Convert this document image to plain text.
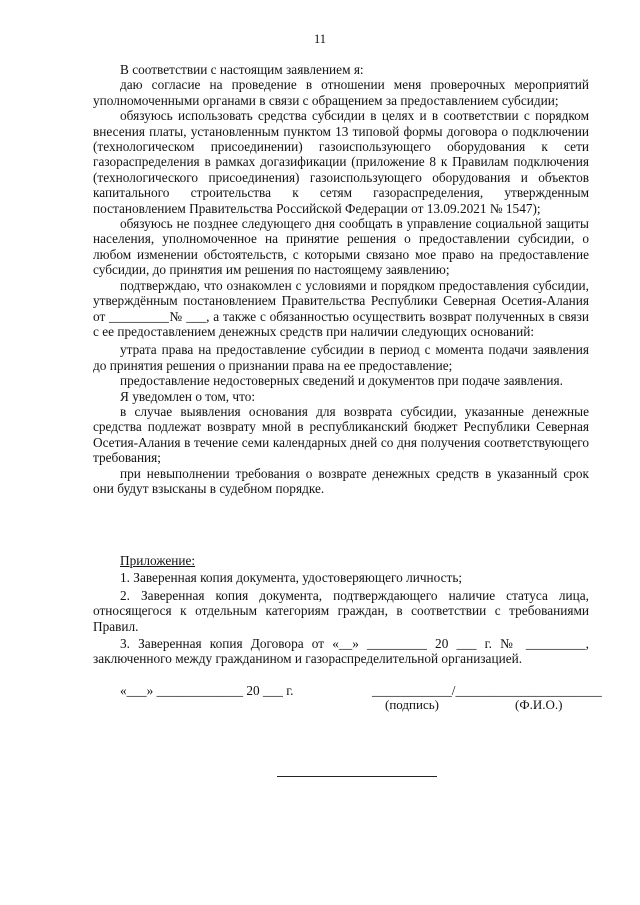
11

В соответствии с настоящим заявлением я:

даю согласие на проведение в отношении меня проверочных мероприятий уполномоченными органами в связи с обращением за предоставлением субсидии;

обязуюсь использовать средства субсидии в целях и в соответствии с порядком внесения платы, установленным пунктом 13 типовой формы договора о подключении (технологическом присоединении) газоиспользующего оборудования к сети газораспределения в рамках догазификации (приложение 8 к Правилам подключения (технологического присоединения) газоиспользующего оборудования и объектов капитального строительства к сетям газораспределения, утвержденным постановлением Правительства Российской Федерации от 13.09.2021 № 1547);

обязуюсь не позднее следующего дня сообщать в управление социальной защиты населения, уполномоченное на принятие решения о предоставлении субсидии, о любом изменении обстоятельств, с которыми связано мое право на предоставление субсидии, до принятия им решения по настоящему заявлению;

подтверждаю, что ознакомлен с условиями и порядком предоставления субсидии, утверждённым постановлением Правительства Республики Северная Осетия-Алания от _________№ ___, а также с обязанностью осуществить возврат полученных в связи с ее предоставлением денежных средств при наличии следующих оснований:

утрата права на предоставление субсидии в период с момента подачи заявления до принятия решения о признании права на ее предоставление;

предоставление недостоверных сведений и документов при подаче заявления.

Я уведомлен о том, что:

в случае выявления основания для возврата субсидии, указанные денежные средства подлежат возврату мной в республиканский бюджет Республики Северная Осетия-Алания в течение семи календарных дней со дня получения соответствующего требования;

при невыполнении требования о возврате денежных средств в указанный срок они будут взысканы в судебном порядке.

Приложение:

1. Заверенная копия документа, удостоверяющего личность;

2. Заверенная копия документа, подтверждающего наличие статуса лица, относящегося к отдельным категориям граждан, в соответствии с требованиями Правил.

3. Заверенная копия Договора от «__» _________ 20 ___ г. № _________, заключенного между гражданином и газораспределительной организацией.

«___» _____________ 20 ___ г.	____________/______________________
(подпись)	(Ф.И.О.)
